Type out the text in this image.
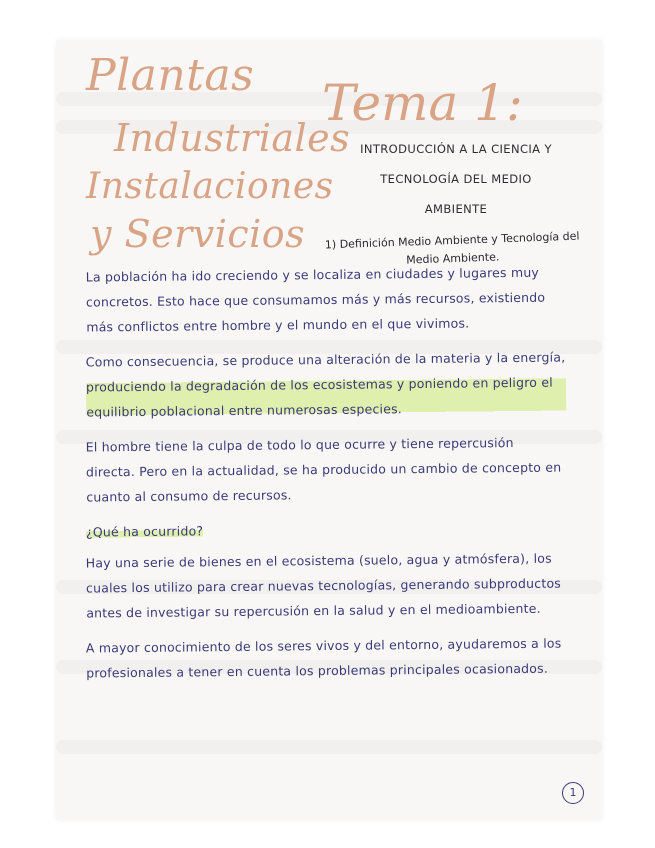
Plantas
Industriales
Instalaciones
y Servicios
Tema 1:

INTRODUCCIÓN A LA CIENCIA Y TECNOLOGÍA DEL MEDIO AMBIENTE

1) Definición Medio Ambiente y Tecnología del Medio Ambiente.

La población ha ido creciendo y se localiza en ciudades y lugares muy concretos. Esto hace que consumamos más y más recursos, existiendo más conflictos entre hombre y el mundo en el que vivimos.

Como consecuencia, se produce una alteración de la materia y la energía, produciendo la degradación de los ecosistemas y poniendo en peligro el equilibrio poblacional entre numerosas especies.

El hombre tiene la culpa de todo lo que ocurre y tiene repercusión directa. Pero en la actualidad, se ha producido un cambio de concepto en cuanto al consumo de recursos.

¿Qué ha ocurrido?

Hay una serie de bienes en el ecosistema (suelo, agua y atmósfera), los cuales los utilizo para crear nuevas tecnologías, generando subproductos antes de investigar su repercusión en la salud y en el medioambiente.

A mayor conocimiento de los seres vivos y del entorno, ayudaremos a los profesionales a tener en cuenta los problemas principales ocasionados.

1
